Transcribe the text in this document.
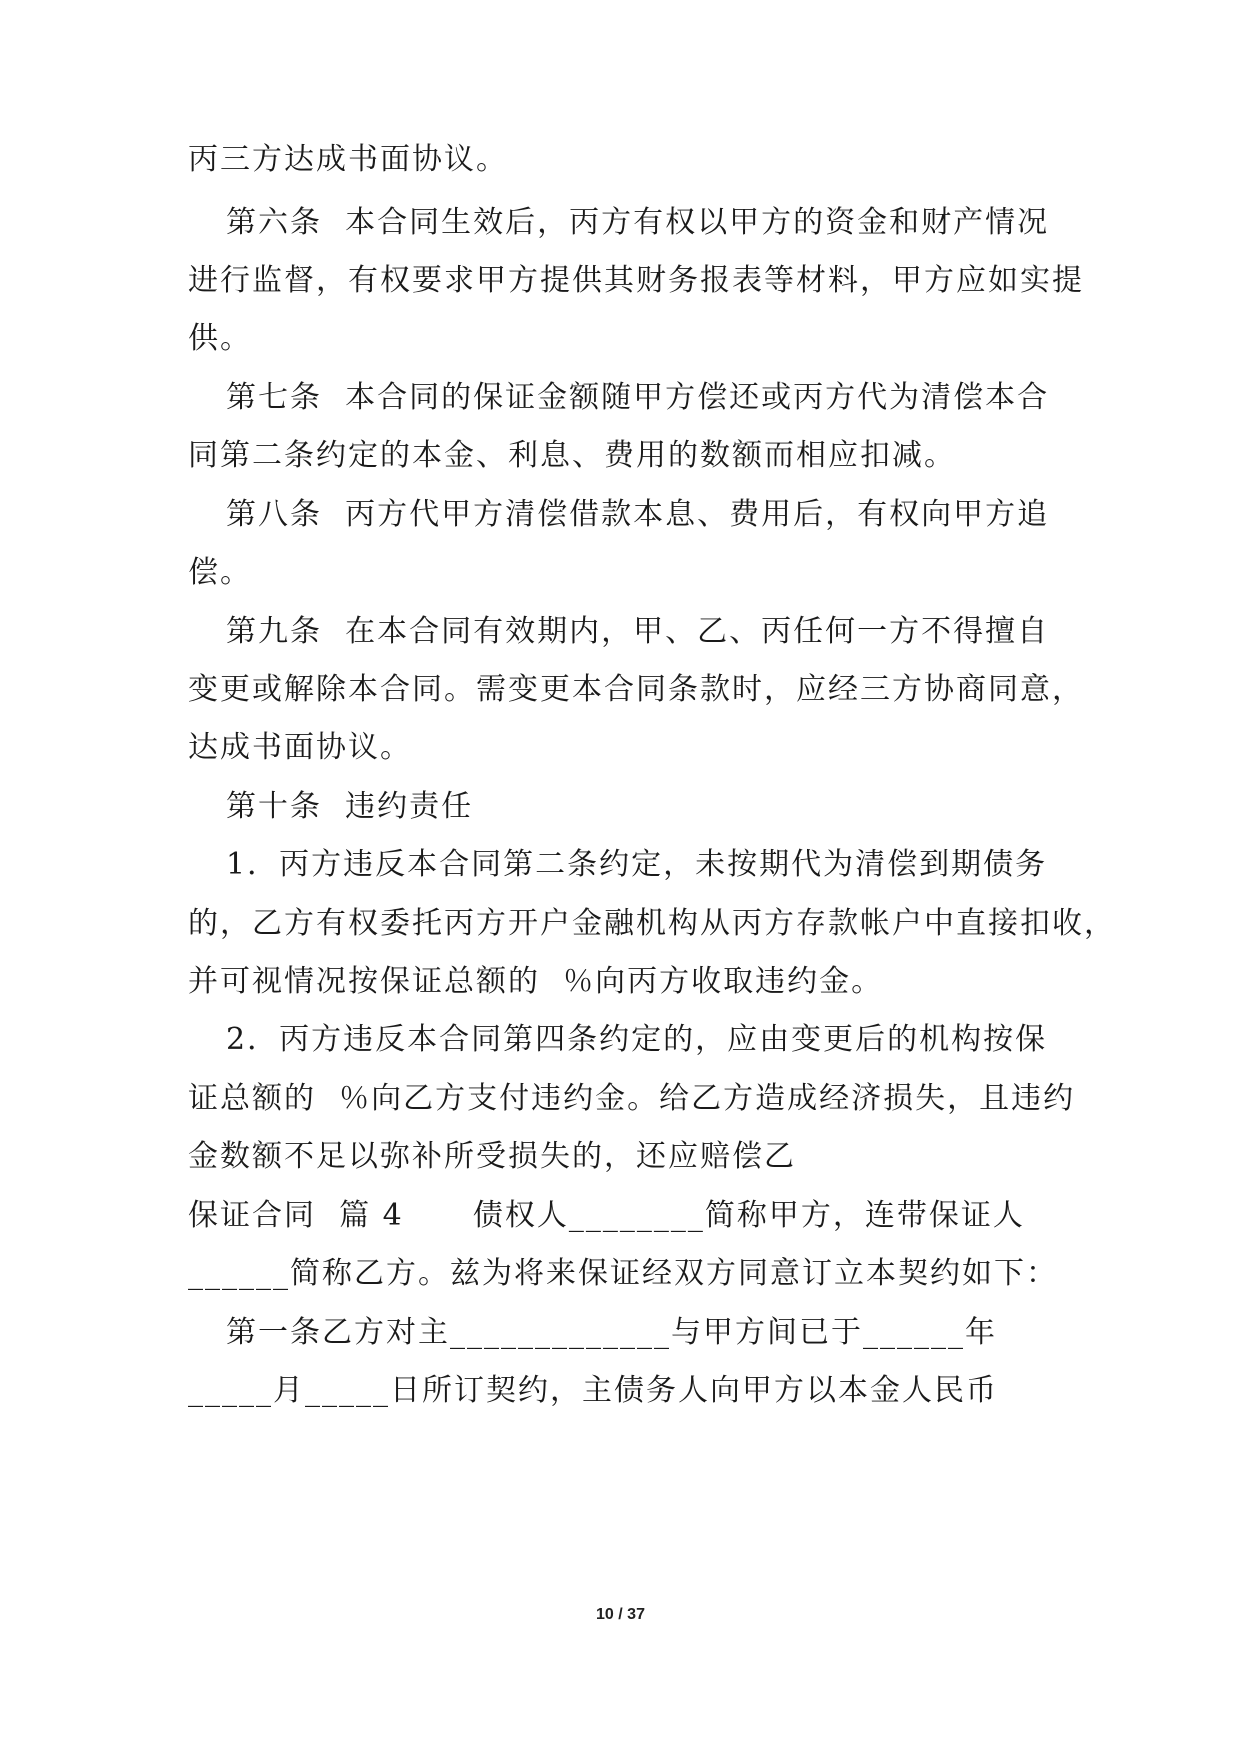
丙三方达成书面协议。
第六条  本合同生效后，丙方有权以甲方的资金和财产情况
进行监督，有权要求甲方提供其财务报表等材料，甲方应如实提
供。
第七条  本合同的保证金额随甲方偿还或丙方代为清偿本合
同第二条约定的本金、利息、费用的数额而相应扣减。
第八条  丙方代甲方清偿借款本息、费用后，有权向甲方追
偿。
第九条  在本合同有效期内，甲、乙、丙任何一方不得擅自
变更或解除本合同。需变更本合同条款时，应经三方协商同意，
达成书面协议。
第十条  违约责任
1．丙方违反本合同第二条约定，未按期代为清偿到期债务
的，乙方有权委托丙方开户金融机构从丙方存款帐户中直接扣收，
并可视情况按保证总额的  ％向丙方收取违约金。
2．丙方违反本合同第四条约定的，应由变更后的机构按保
证总额的  ％向乙方支付违约金。给乙方造成经济损失，且违约
金数额不足以弥补所受损失的，还应赔偿乙
保证合同  篇 4      债权人________简称甲方，连带保证人
______简称乙方。兹为将来保证经双方同意订立本契约如下：
第一条乙方对主_____________与甲方间已于______年
_____月_____日所订契约，主债务人向甲方以本金人民币
10 / 37
